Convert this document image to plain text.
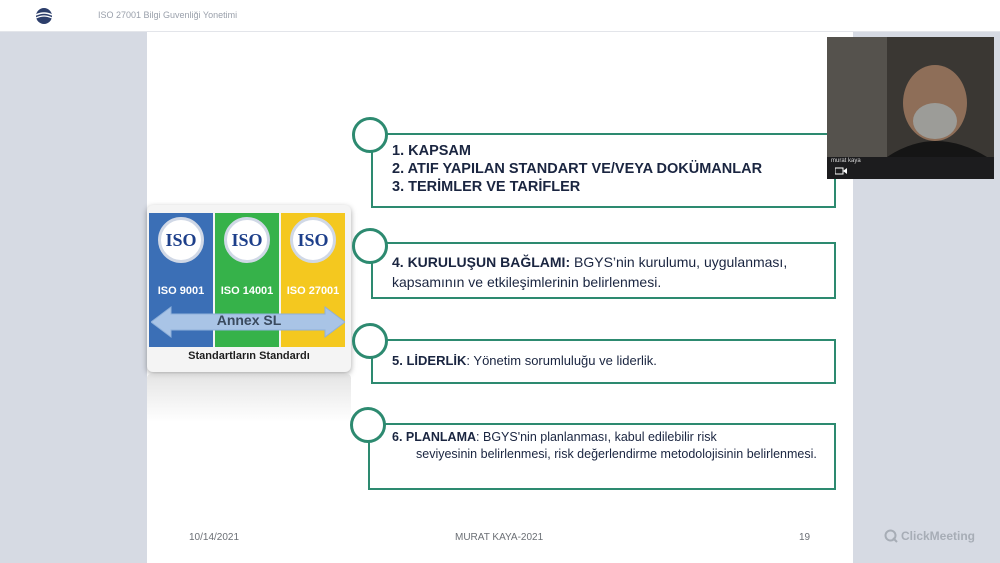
ISO 27001 Bilgi Guvenliği Yonetimi
ISO
ISO 9001
ISO
ISO 14001
ISO
ISO 27001
Annex SL
Standartların Standardı
1. KAPSAM
2. ATIF YAPILAN STANDART VE/VEYA DOKÜMANLAR
3. TERİMLER VE TARİFLER
4. KURULUŞUN BAĞLAMI: BGYS’nin kurulumu, uygulanması, kapsamının ve etkileşimlerinin belirlenmesi.
5. LİDERLİK: Yönetim sorumluluğu ve liderlik.
6. PLANLAMA: BGYS'nin planlanması, kabul edilebilir risk
seviyesinin belirlenmesi, risk değerlendirme metodolojisinin belirlenmesi.
10/14/2021	MURAT KAYA-2021	19
murat kaya
ClickMeeting
